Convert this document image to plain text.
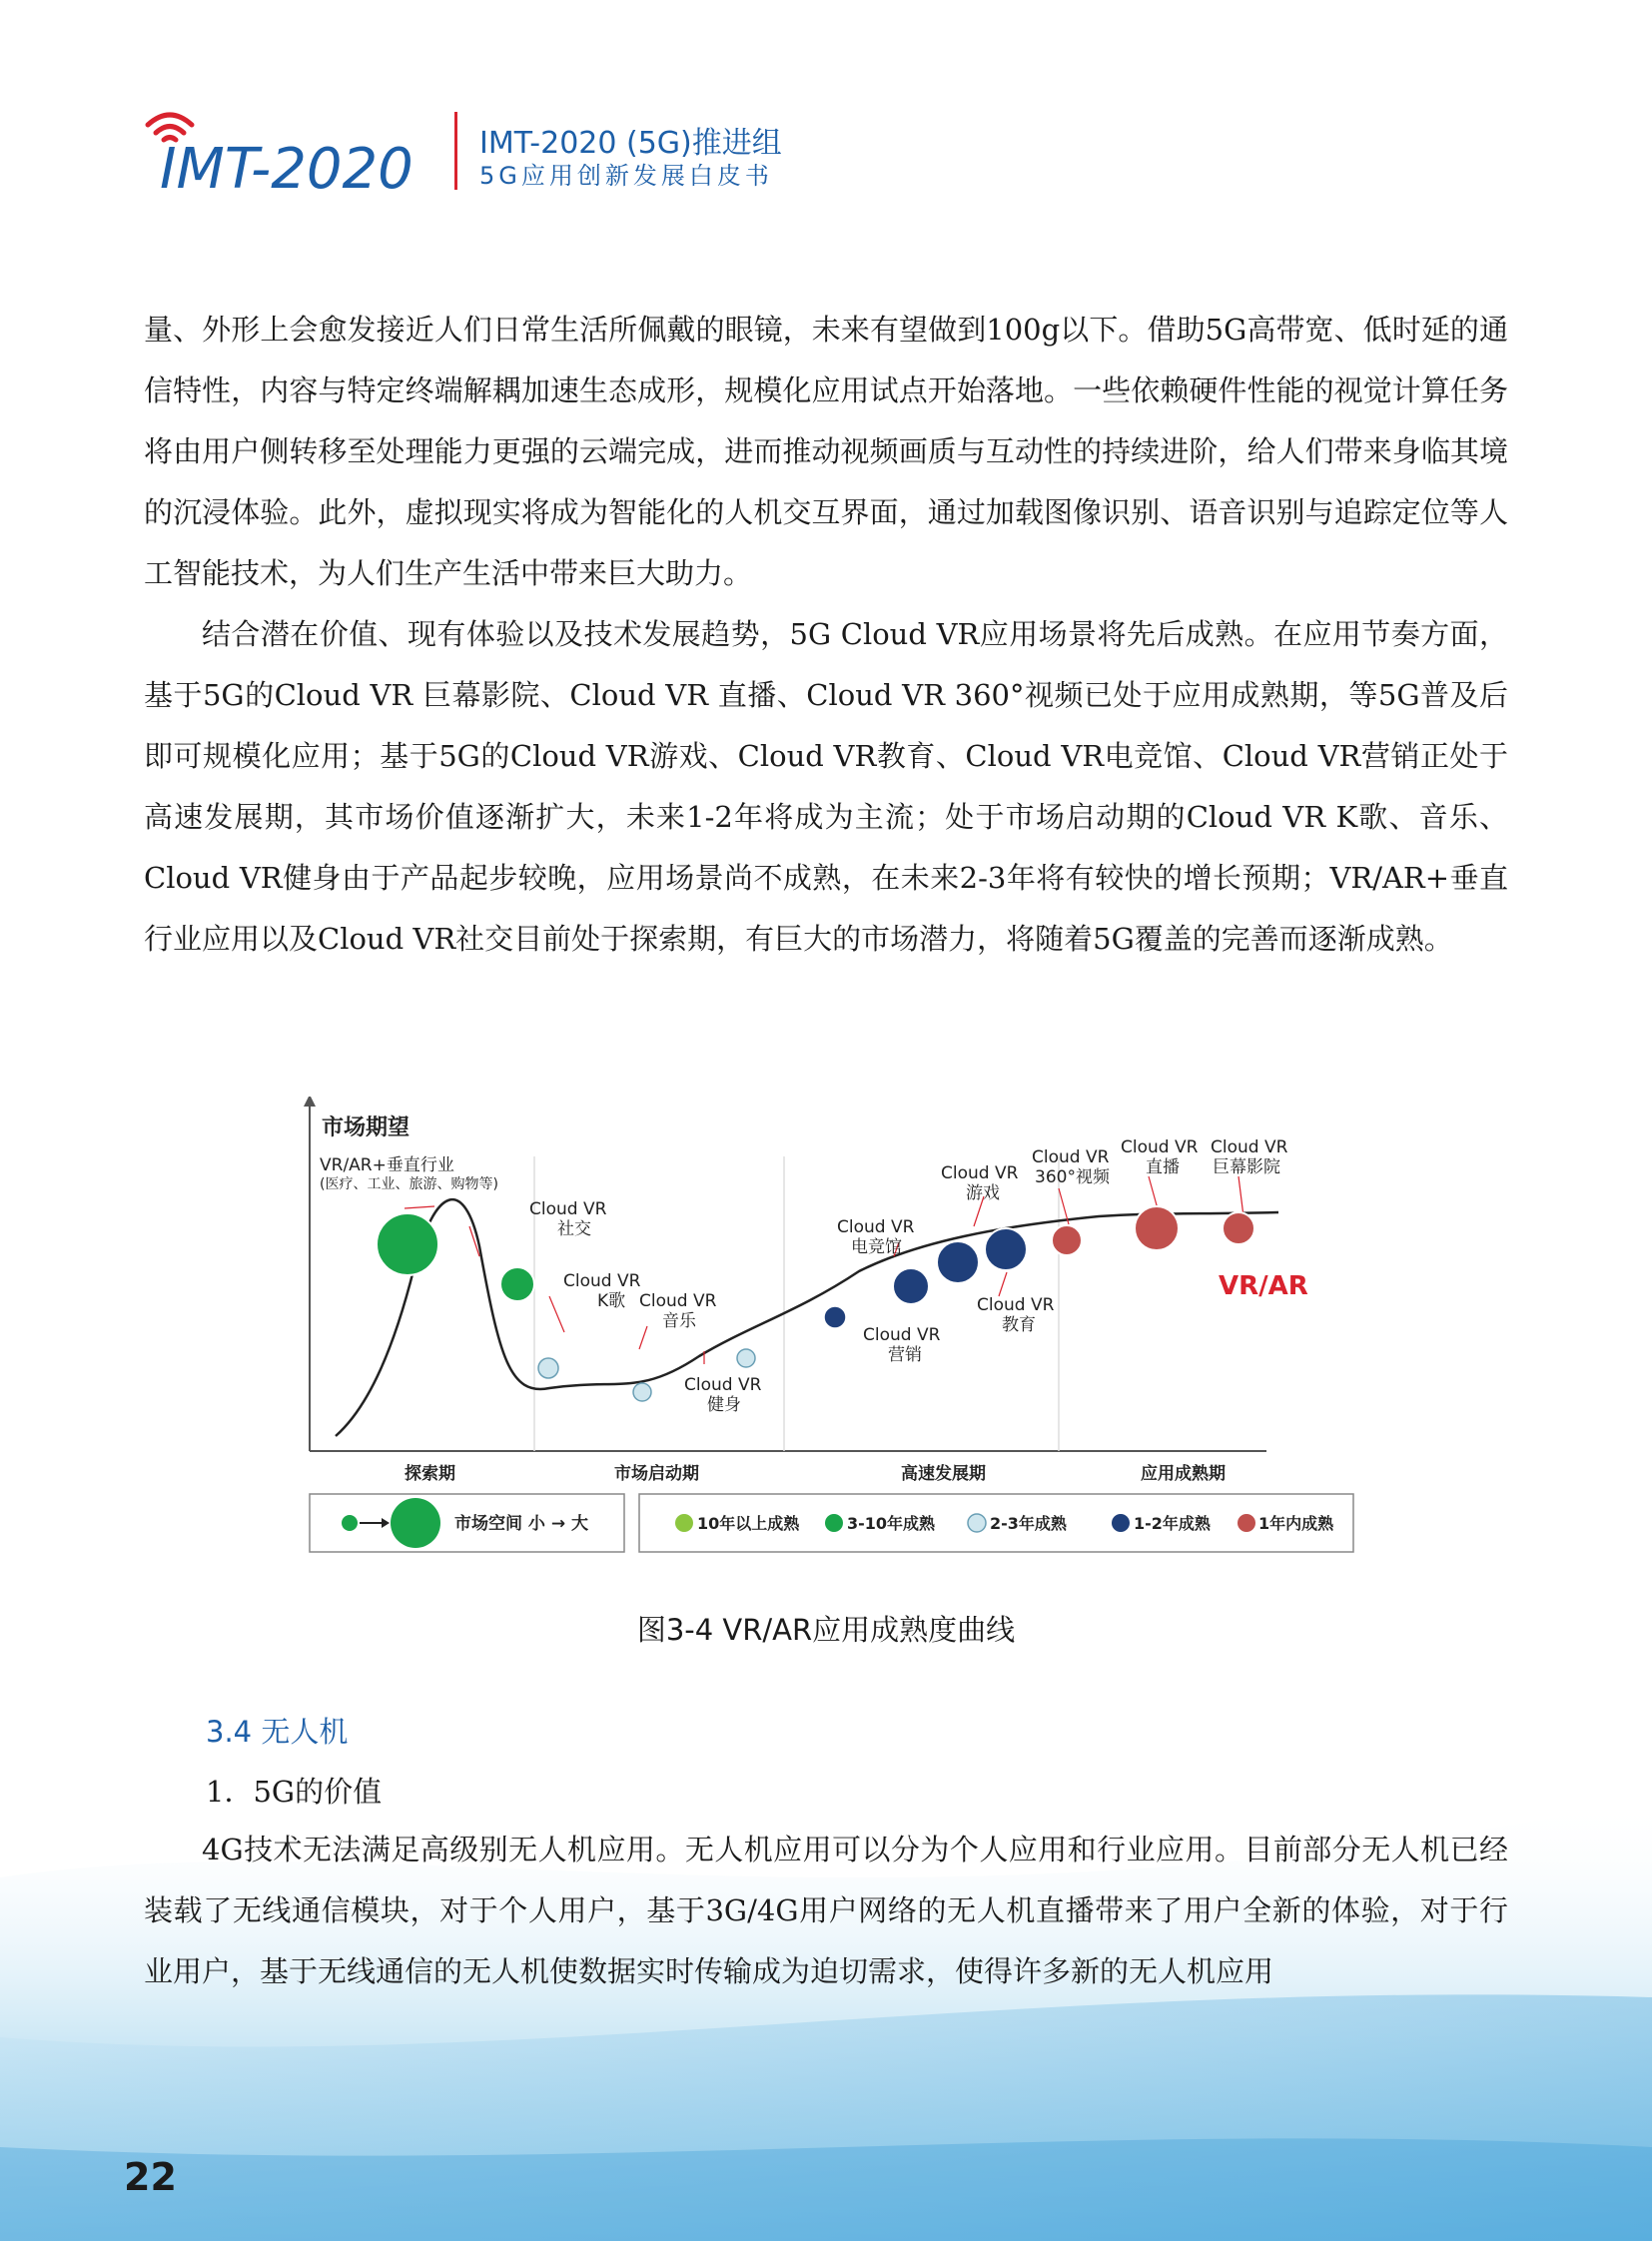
IMT-2020 IMT-2020 (5G)推进组
5G应用创新发展白皮书

量、外形上会愈发接近人们日常生活所佩戴的眼镜，未来有望做到100g以下。借助5G高带宽、低时延的通信特性，内容与特定终端解耦加速生态成形，规模化应用试点开始落地。一些依赖硬件性能的视觉计算任务将由用户侧转移至处理能力更强的云端完成，进而推动视频画质与互动性的持续进阶，给人们带来身临其境的沉浸体验。此外，虚拟现实将成为智能化的人机交互界面，通过加载图像识别、语音识别与追踪定位等人工智能技术，为人们生产生活中带来巨大助力。

结合潜在价值、现有体验以及技术发展趋势，5G Cloud VR应用场景将先后成熟。在应用节奏方面，基于5G的Cloud VR 巨幕影院、Cloud VR 直播、Cloud VR 360°视频已处于应用成熟期，等5G普及后即可规模化应用；基于5G的Cloud VR游戏、Cloud VR教育、Cloud VR电竞馆、Cloud VR营销正处于高速发展期，其市场价值逐渐扩大，未来1-2年将成为主流；处于市场启动期的Cloud VR K歌、音乐、Cloud VR健身由于产品起步较晚，应用场景尚不成熟，在未来2-3年将有较快的增长预期；VR/AR+垂直行业应用以及Cloud VR社交目前处于探索期，有巨大的市场潜力，将随着5G覆盖的完善而逐渐成熟。

市场期望
VR/AR+垂直行业
(医疗、工业、旅游、购物等)
Cloud VR
社交
Cloud VR
K歌 Cloud VR
音乐
Cloud VR
健身
Cloud VR
营销
Cloud VR
电竞馆
Cloud VR
教育
Cloud VR
游戏
Cloud VR
360°视频
Cloud VR
直播
Cloud VR
巨幕影院
VR/AR
探索期	市场启动期	高速发展期	应用成熟期
市场空间 小 → 大	10年以上成熟	3-10年成熟	2-3年成熟	1-2年成熟	1年内成熟
图3-4 VR/AR应用成熟度曲线
3.4 无人机
1．5G的价值

4G技术无法满足高级别无人机应用。无人机应用可以分为个人应用和行业应用。目前部分无人机已经装载了无线通信模块，对于个人用户，基于3G/4G用户网络的无人机直播带来了用户全新的体验，对于行业用户，基于无线通信的无人机使数据实时传输成为迫切需求，使得许多新的无人机应用

22
